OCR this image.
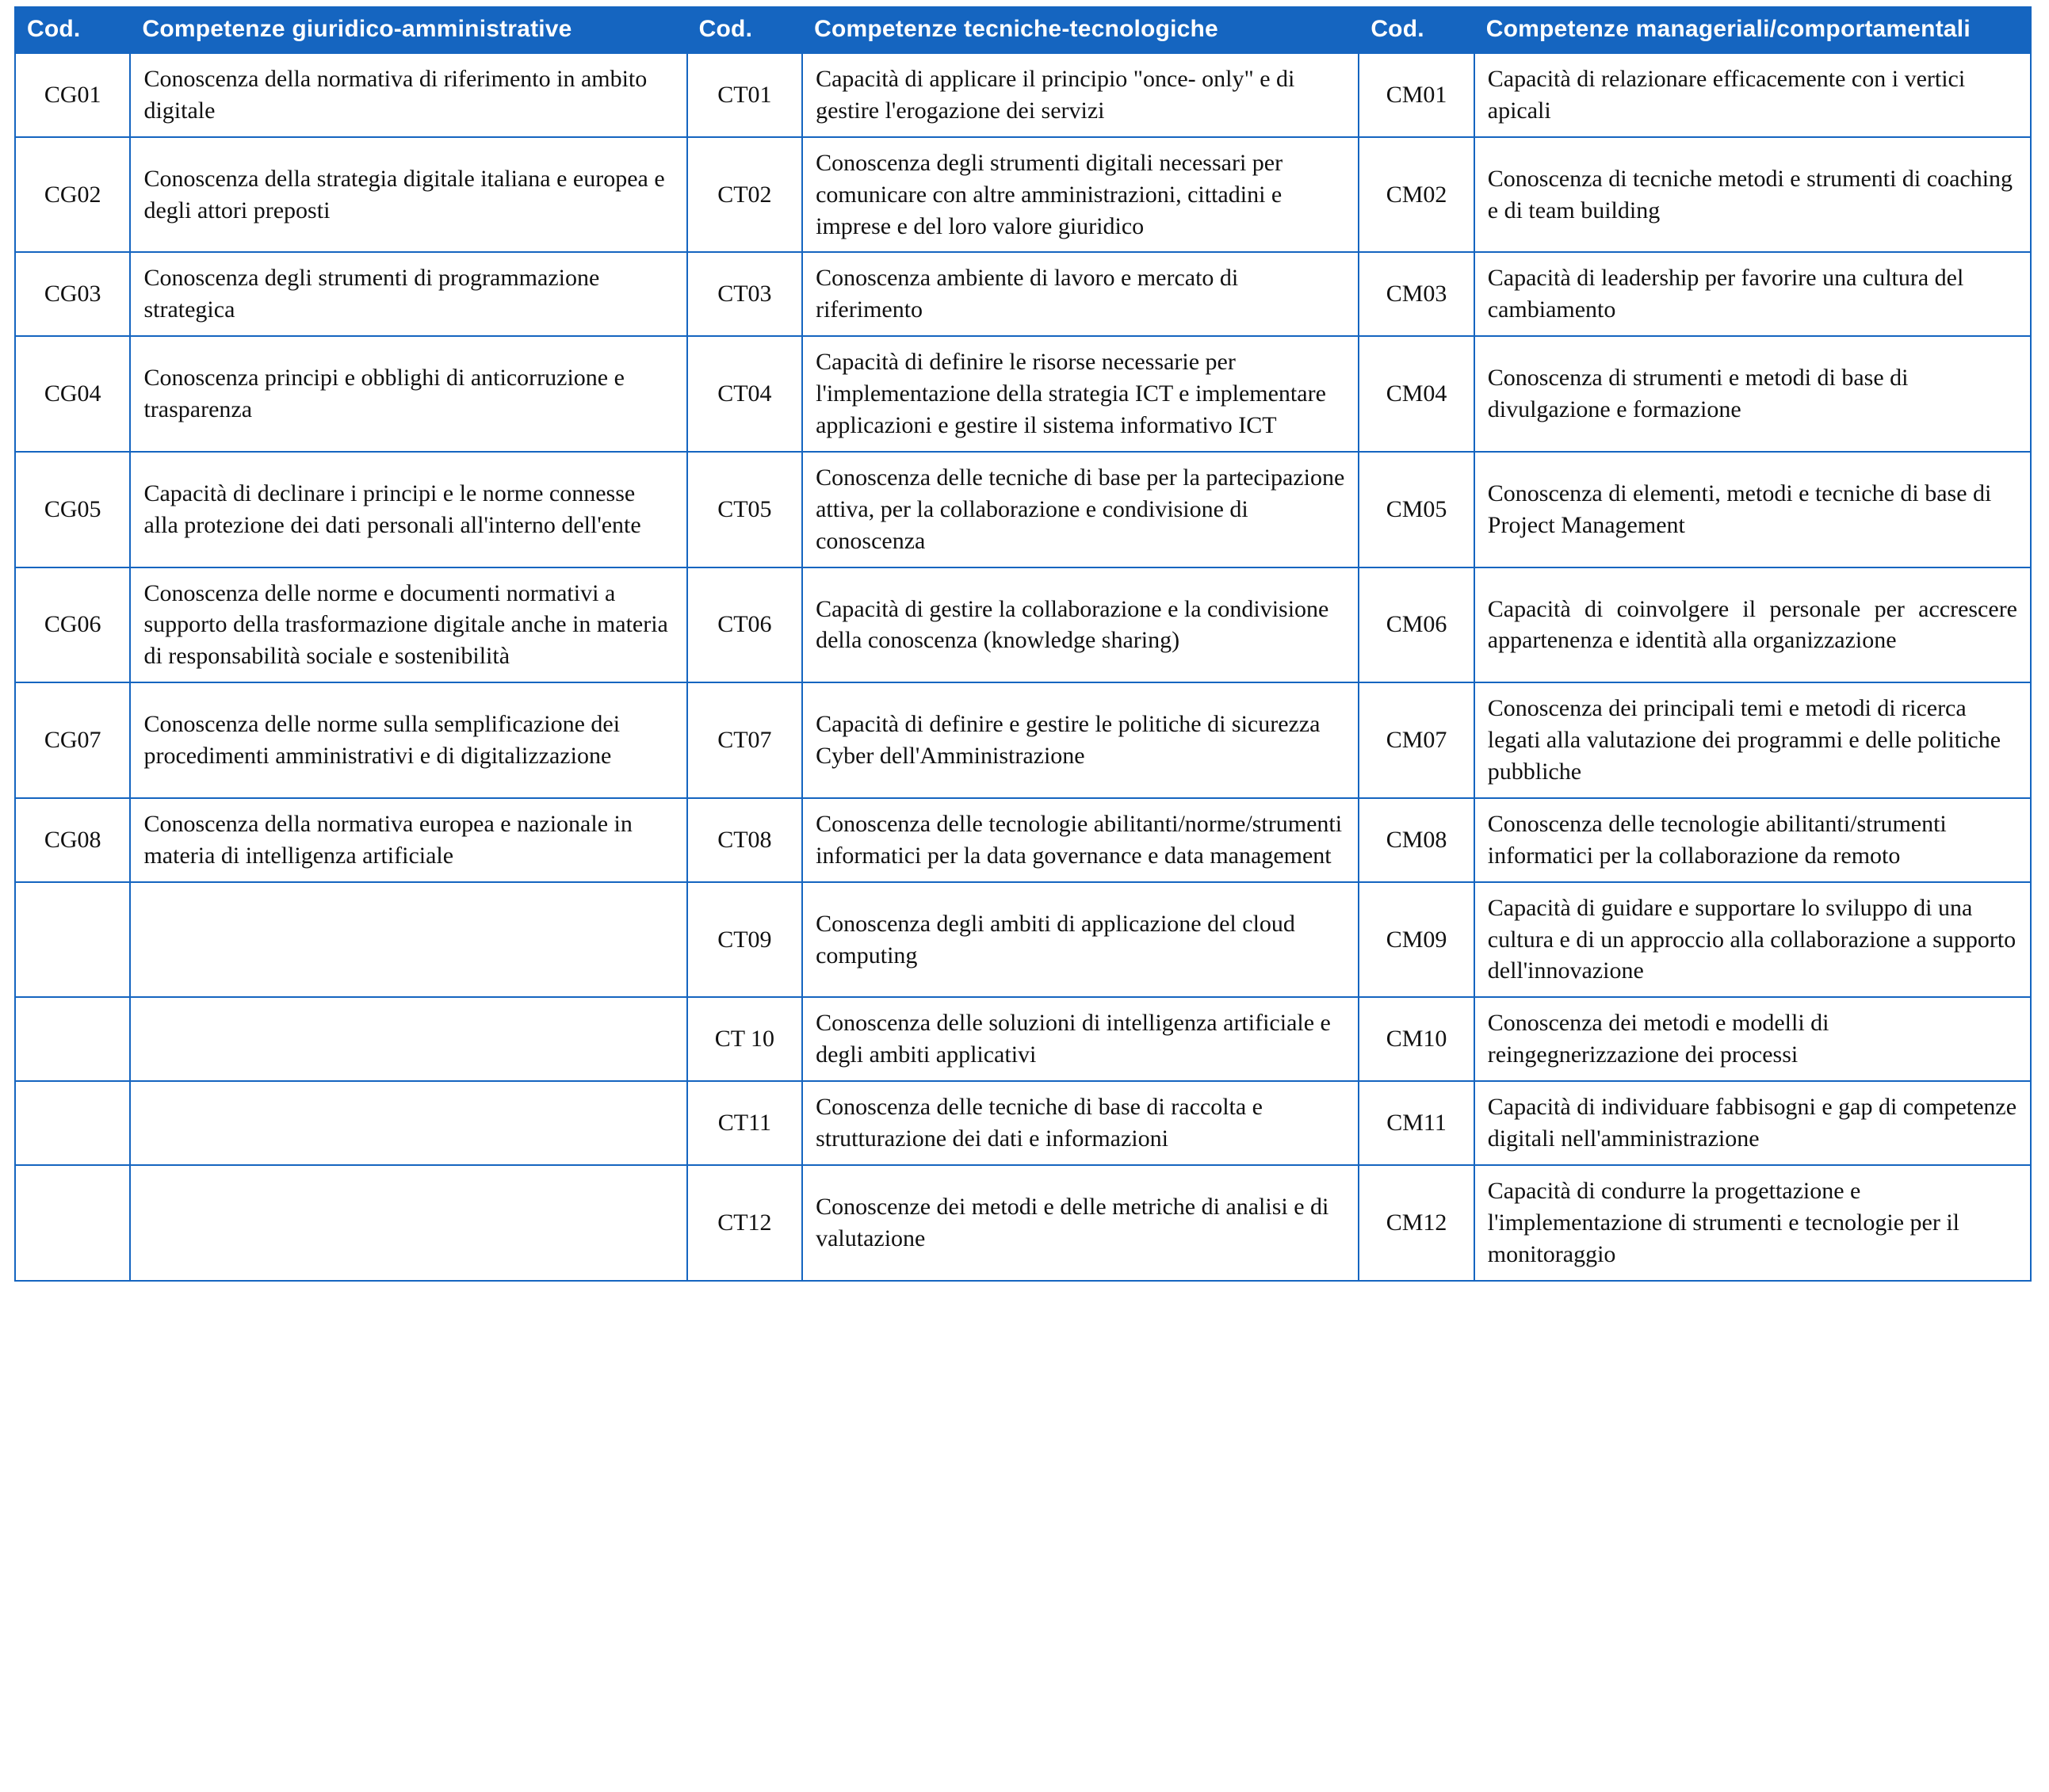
Cod.	Competenze giuridico-amministrative	Cod.	Competenze tecniche-tecnologiche	Cod.	Competenze manageriali/comportamentali
CG01	Conoscenza della normativa di riferimento in ambito digitale	CT01	Capacità di applicare il principio "once- only" e di gestire l'erogazione dei servizi	CM01	Capacità di relazionare efficacemente con i vertici apicali
CG02	Conoscenza della strategia digitale italiana e europea e degli attori preposti	CT02	Conoscenza degli strumenti digitali necessari per comunicare con altre amministrazioni, cittadini e imprese e del loro valore giuridico	CM02	Conoscenza di tecniche metodi e strumenti di coaching e di team building
CG03	Conoscenza degli strumenti di programmazione strategica	CT03	Conoscenza ambiente di lavoro e mercato di riferimento	CM03	Capacità di leadership per favorire una cultura del cambiamento
CG04	Conoscenza principi e obblighi di anticorruzione e trasparenza	CT04	Capacità di definire le risorse necessarie per l'implementazione della strategia ICT e implementare applicazioni e gestire il sistema informativo ICT	CM04	Conoscenza di strumenti e metodi di base di divulgazione e formazione
CG05	Capacità di declinare i principi e le norme connesse alla protezione dei dati personali all'interno dell'ente	CT05	Conoscenza delle tecniche di base per la partecipazione attiva, per la collaborazione e condivisione di conoscenza	CM05	Conoscenza di elementi, metodi e tecniche di base di Project Management
CG06	Conoscenza delle norme e documenti normativi a supporto della trasformazione digitale anche in materia di responsabilità sociale e sostenibilità	CT06	Capacità di gestire la collaborazione e la condivisione della conoscenza (knowledge sharing)	CM06	Capacità di coinvolgere il personale per accrescere appartenenza e identità alla organizzazione
CG07	Conoscenza delle norme sulla semplificazione dei procedimenti amministrativi e di digitalizzazione	CT07	Capacità di definire e gestire le politiche di sicurezza Cyber dell'Amministrazione	CM07	Conoscenza dei principali temi e metodi di ricerca legati alla valutazione dei programmi e delle politiche pubbliche
CG08	Conoscenza della normativa europea e nazionale in materia di intelligenza artificiale	CT08	Conoscenza delle tecnologie abilitanti/norme/strumenti informatici per la data governance e data management	CM08	Conoscenza delle tecnologie abilitanti/strumenti informatici per la collaborazione da remoto
		CT09	Conoscenza degli ambiti di applicazione del cloud computing	CM09	Capacità di guidare e supportare lo sviluppo di una cultura e di un approccio alla collaborazione a supporto dell'innovazione
		CT 10	Conoscenza delle soluzioni di intelligenza artificiale e degli ambiti applicativi	CM10	Conoscenza dei metodi e modelli di reingegnerizzazione dei processi
		CT11	Conoscenza delle tecniche di base di raccolta e strutturazione dei dati e informazioni	CM11	Capacità di individuare fabbisogni e gap di competenze digitali nell'amministrazione
		CT12	Conoscenze dei metodi e delle metriche di analisi e di valutazione	CM12	Capacità di condurre la progettazione e l'implementazione di strumenti e tecnologie per il monitoraggio
